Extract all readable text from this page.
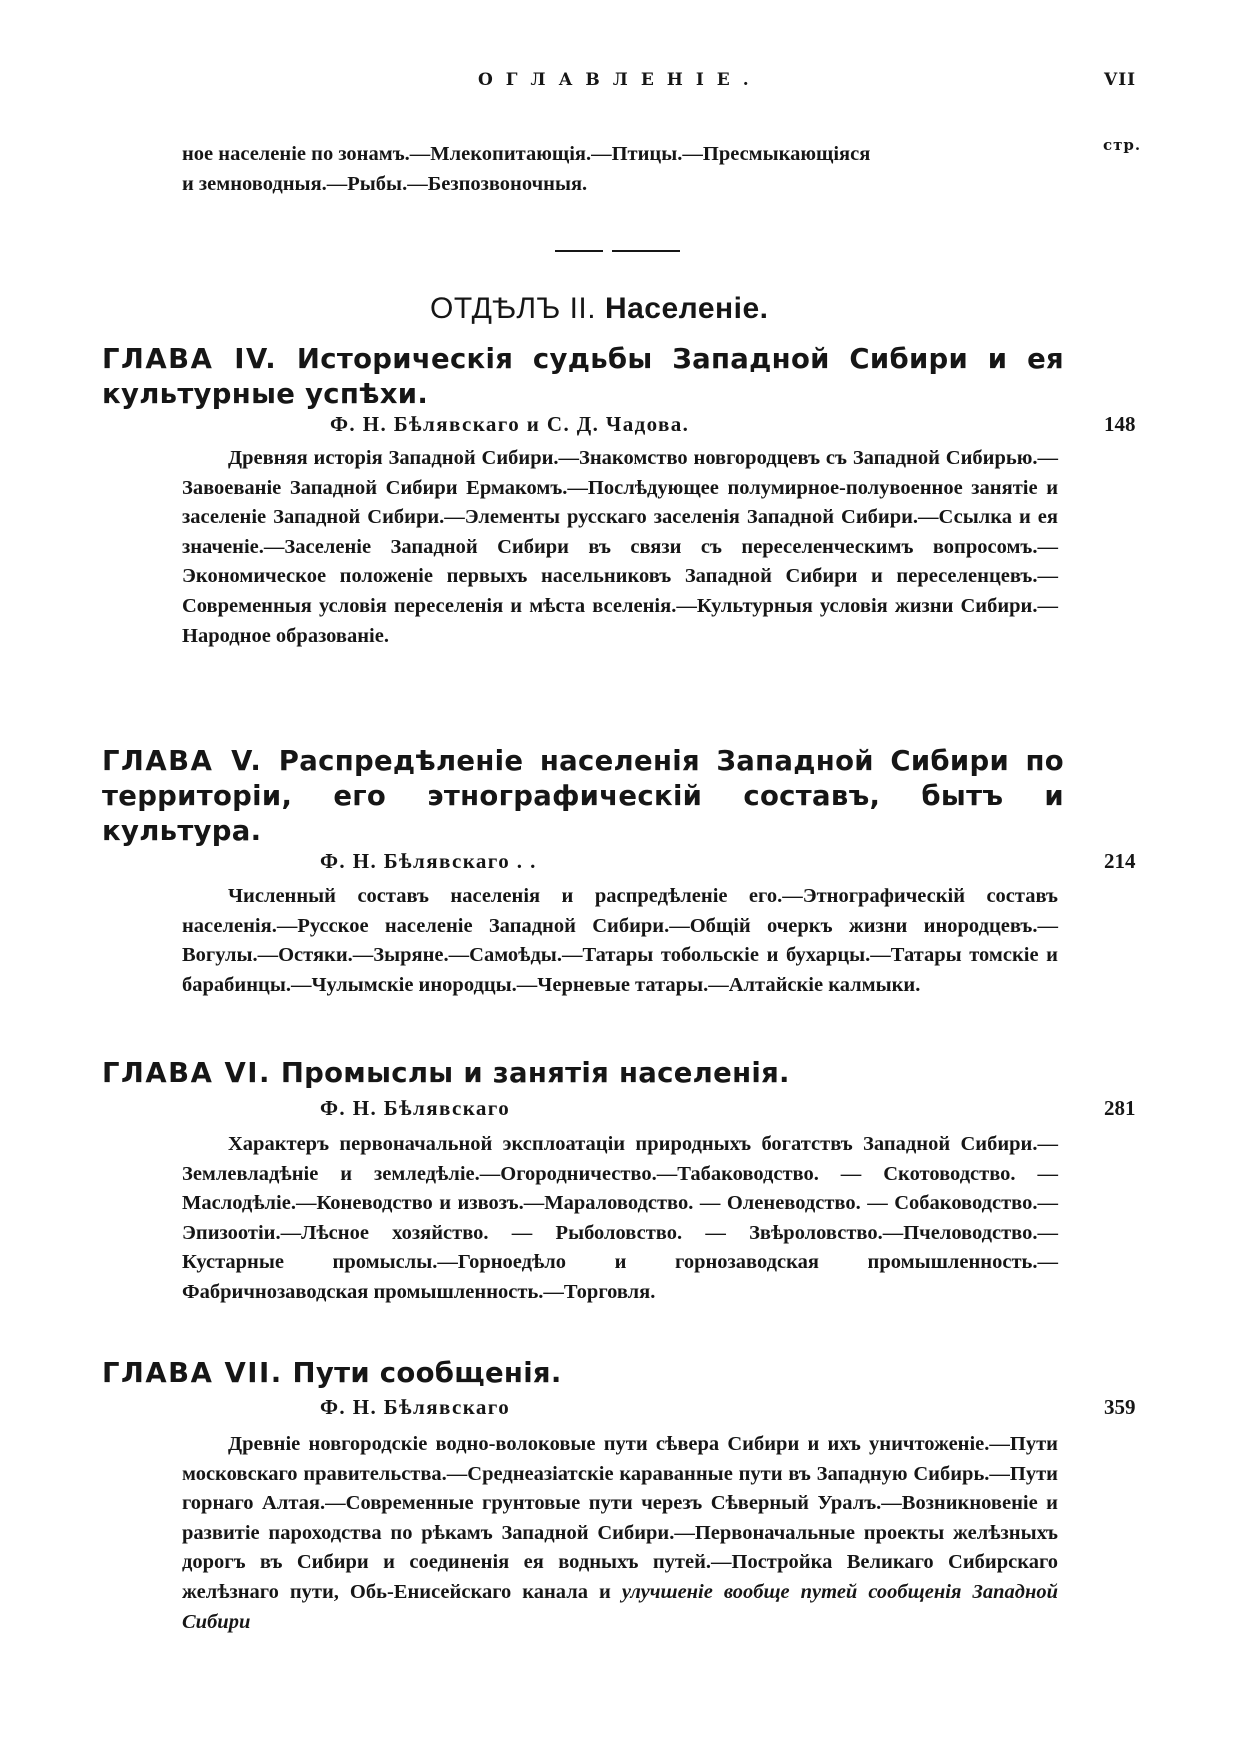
ОГЛАВЛЕНІЕ.	VII
стр.
ное населеніе по зонамъ.—Млекопитающія.—Птицы.—Пресмыкающіяся
и земноводныя.—Рыбы.—Безпозвоночныя.
ОТДѢЛЪ II. Населеніе.
ГЛАВА IV. Историческія судьбы Западной Сибири и ея культурные успѣхи.
Ф. Н. Бѣлявскаго и С. Д. Чадова.	148
Древняя исторія Западной Сибири.—Знакомство новгородцевъ съ Западной Сибирью.—Завоеваніе Западной Сибири Ермакомъ.—Послѣдующее полумирное-полувоенное занятіе и заселеніе Западной Сибири.—Элементы русскаго заселенія Западной Сибири.—Ссылка и ея значеніе.—Заселеніе Западной Сибири въ связи съ переселенческимъ вопросомъ.—Экономическое положеніе первыхъ насельниковъ Западной Сибири и переселенцевъ.—Современныя условія переселенія и мѣста вселенія.—Культурныя условія жизни Сибири.—Народное образованіе.
ГЛАВА V. Распредѣленіе населенія Западной Сибири по территоріи, его этнографическій составъ, бытъ и культура.
Ф. Н. Бѣлявскаго . .	214
Численный составъ населенія и распредѣленіе его.—Этнографическій составъ населенія.—Русское населеніе Западной Сибири.—Общій очеркъ жизни инородцевъ.—Вогулы.—Остяки.—Зыряне.—Самоѣды.—Татары тобольскіе и бухарцы.—Татары томскіе и барабинцы.—Чулымскіе инородцы.—Черневые татары.—Алтайскіе калмыки.
ГЛАВА VI. Промыслы и занятія населенія.
Ф. Н. Бѣлявскаго	281
Характеръ первоначальной эксплоатаціи природныхъ богатствъ Западной Сибири.—Землевладѣніе и земледѣліе.—Огородничество.—Табаководство. — Скотоводство. — Маслодѣліе.—Коневодство и извозъ.—Мараловодство. — Оленеводство. — Собаководство.—Эпизоотіи.—Лѣсное хозяйство. — Рыболовство. — Звѣроловство.—Пчеловодство.—Кустарные промыслы.—Горноедѣло и горнозаводская промышленность.—Фабричнозаводская промышленность.—Торговля.
ГЛАВА VII. Пути сообщенія.
Ф. Н. Бѣлявскаго	359
Древніе новгородскіе водно-волоковые пути сѣвера Сибири и ихъ уничтоженіе.—Пути московскаго правительства.—Среднеазіатскіе караванные пути въ Западную Сибирь.—Пути горнаго Алтая.—Современные грунтовые пути черезъ Сѣверный Уралъ.—Возникновеніе и развитіе пароходства по рѣкамъ Западной Сибири.—Первоначальные проекты желѣзныхъ дорогъ въ Сибири и соединенія ея водныхъ путей.—Постройка Великаго Сибирскаго желѣзнаго пути, Обь-Енисейскаго канала и улучшеніе вообще путей сообщенія Западной Сибири
